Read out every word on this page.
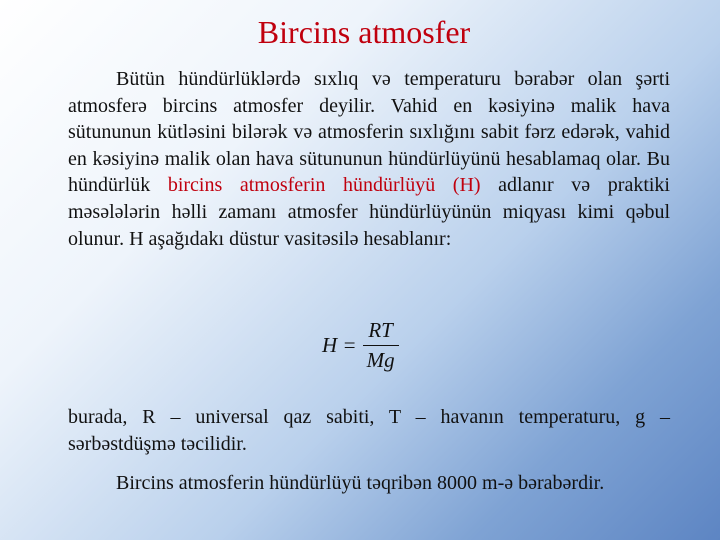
Bircins atmosfer
Bütün hündürlüklərdə sıxlıq və temperaturu bərabər olan şərti atmosferə bircins atmosfer deyilir. Vahid en kəsiyinə malik hava sütununun kütləsini bilərək və atmosferin sıxlığını sabit fərz edərək, vahid en kəsiyinə malik olan hava sütununun hündürlüyünü hesablamaq olar. Bu hündürlük bircins atmosferin hündürlüyü (H) adlanır və praktiki məsələlərin həlli zamanı atmosfer hündürlüyünün miqyası kimi qəbul olunur. H aşağıdakı düstur vasitəsilə hesablanır:
$H = \frac{RT}{Mg}$
burada, R – universal qaz sabiti, T – havanın temperaturu, g – sərbəstdüşmə təcilidir.
Bircins atmosferin hündürlüyü təqribən 8000 m-ə bərabərdir.
